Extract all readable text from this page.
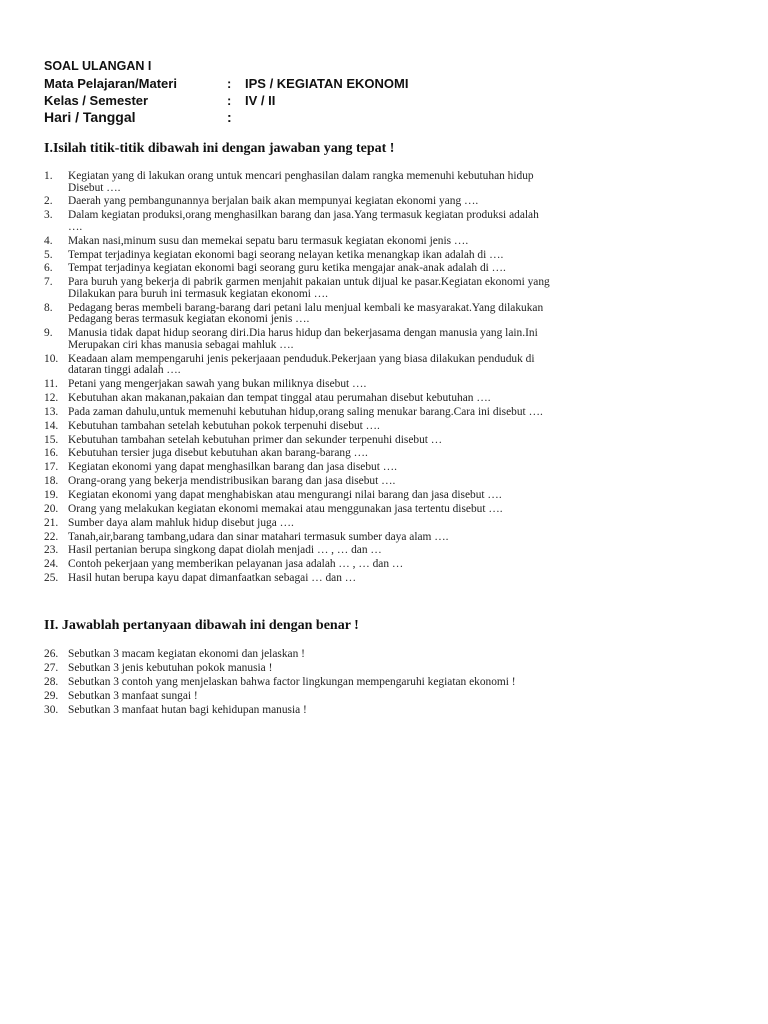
SOAL ULANGAN I
Mata Pelajaran/Materi	:	IPS / KEGIATAN EKONOMI
Kelas / Semester	:	IV / II
Hari / Tanggal	:
I.Isilah titik-titik dibawah ini dengan jawaban yang tepat !
1.	Kegiatan yang di lakukan orang untuk mencari penghasilan dalam rangka memenuhi kebutuhan hidup
Disebut ….
2.	Daerah yang pembangunannya berjalan baik akan mempunyai kegiatan ekonomi yang ….
3.	Dalam kegiatan produksi,orang menghasilkan barang dan jasa.Yang termasuk kegiatan produksi adalah
….
4.	Makan nasi,minum susu dan memekai sepatu baru termasuk kegiatan ekonomi jenis ….
5.	Tempat terjadinya kegiatan ekonomi bagi seorang nelayan ketika menangkap ikan adalah di ….
6.	Tempat terjadinya kegiatan ekonomi bagi seorang guru ketika mengajar anak-anak adalah di ….
7.	Para buruh yang bekerja di pabrik garmen menjahit pakaian untuk dijual ke pasar.Kegiatan ekonomi yang
Dilakukan para buruh ini termasuk kegiatan ekonomi ….
8.	Pedagang beras membeli barang-barang dari petani lalu menjual kembali ke masyarakat.Yang dilakukan
Pedagang beras termasuk kegiatan ekonomi jenis ….
9.	Manusia tidak dapat hidup seorang diri.Dia harus hidup dan bekerjasama dengan manusia yang lain.Ini
Merupakan ciri khas manusia sebagai mahluk ….
10. Keadaan alam mempengaruhi jenis pekerjaaan penduduk.Pekerjaan yang biasa dilakukan penduduk di
dataran tinggi adalah ….
11. Petani yang mengerjakan sawah yang bukan miliknya disebut ….
12. Kebutuhan akan makanan,pakaian dan tempat tinggal atau perumahan disebut kebutuhan ….
13. Pada zaman dahulu,untuk memenuhi kebutuhan hidup,orang saling menukar barang.Cara ini disebut ….
14. Kebutuhan tambahan setelah kebutuhan pokok terpenuhi disebut ….
15. Kebutuhan tambahan setelah kebutuhan primer dan sekunder terpenuhi disebut …
16. Kebutuhan tersier juga disebut kebutuhan akan barang-barang ….
17. Kegiatan ekonomi yang dapat menghasilkan barang dan jasa disebut ….
18. Orang-orang yang bekerja mendistribusikan barang dan jasa disebut ….
19. Kegiatan ekonomi yang dapat menghabiskan atau mengurangi nilai barang dan jasa disebut ….
20. Orang yang melakukan kegiatan ekonomi memakai atau menggunakan jasa tertentu disebut ….
21. Sumber daya alam mahluk hidup disebut juga ….
22. Tanah,air,barang tambang,udara dan sinar matahari termasuk sumber daya alam ….
23. Hasil pertanian berupa singkong dapat diolah menjadi … , … dan …
24. Contoh pekerjaan yang memberikan pelayanan jasa adalah … , … dan …
25. Hasil hutan berupa kayu dapat dimanfaatkan sebagai … dan …
II. Jawablah pertanyaan dibawah ini dengan benar !
26. Sebutkan 3 macam kegiatan ekonomi dan jelaskan !
27. Sebutkan 3 jenis kebutuhan pokok manusia !
28. Sebutkan 3 contoh yang menjelaskan bahwa factor lingkungan mempengaruhi kegiatan ekonomi !
29. Sebutkan 3 manfaat sungai !
30. Sebutkan 3 manfaat hutan bagi kehidupan manusia !
